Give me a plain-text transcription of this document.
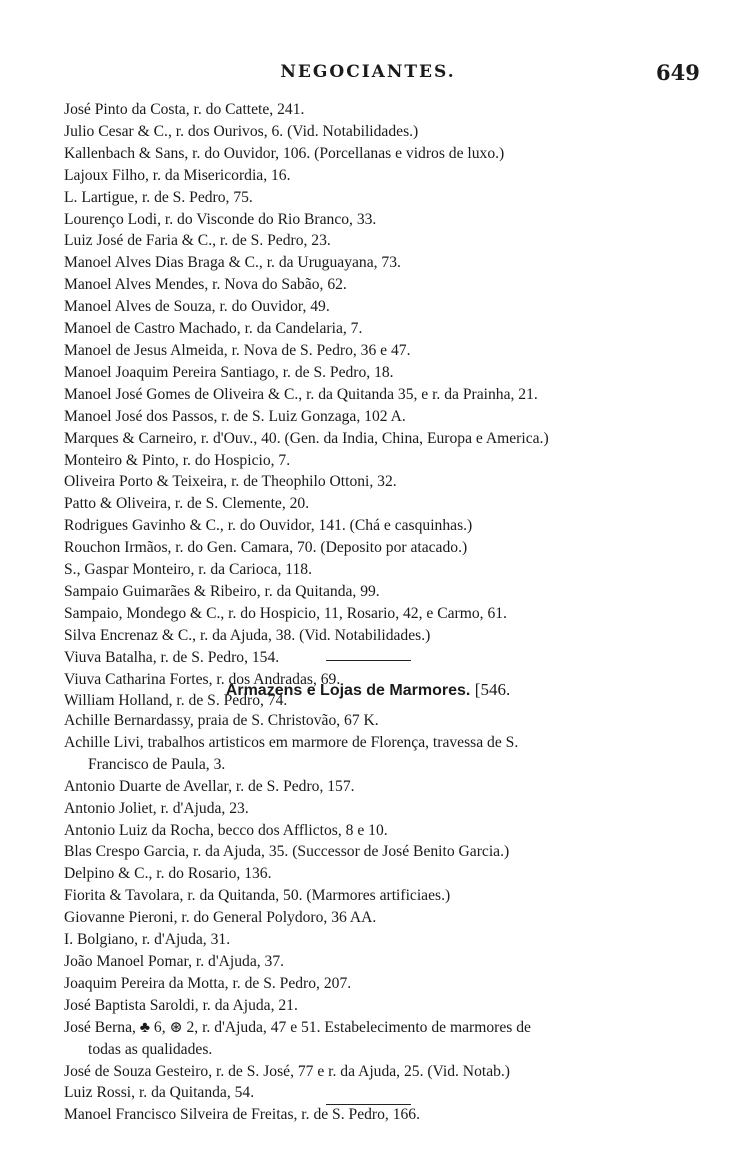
NEGOCIANTES.	649
José Pinto da Costa, r. do Cattete, 241.
Julio Cesar & C., r. dos Ourivos, 6. (Vid. Notabilidades.)
Kallenbach & Sans, r. do Ouvidor, 106. (Porcellanas e vidros de luxo.)
Lajoux Filho, r. da Misericordia, 16.
L. Lartigue, r. de S. Pedro, 75.
Lourenço Lodi, r. do Visconde do Rio Branco, 33.
Luiz José de Faria & C., r. de S. Pedro, 23.
Manoel Alves Dias Braga & C., r. da Uruguayana, 73.
Manoel Alves Mendes, r. Nova do Sabão, 62.
Manoel Alves de Souza, r. do Ouvidor, 49.
Manoel de Castro Machado, r. da Candelaria, 7.
Manoel de Jesus Almeida, r. Nova de S. Pedro, 36 e 47.
Manoel Joaquim Pereira Santiago, r. de S. Pedro, 18.
Manoel José Gomes de Oliveira & C., r. da Quitanda 35, e r. da Prainha, 21.
Manoel José dos Passos, r. de S. Luiz Gonzaga, 102 A.
Marques & Carneiro, r. d'Ouv., 40. (Gen. da India, China, Europa e America.)
Monteiro & Pinto, r. do Hospicio, 7.
Oliveira Porto & Teixeira, r. de Theophilo Ottoni, 32.
Patto & Oliveira, r. de S. Clemente, 20.
Rodrigues Gavinho & C., r. do Ouvidor, 141. (Chá e casquinhas.)
Rouchon Irmãos, r. do Gen. Camara, 70. (Deposito por atacado.)
S., Gaspar Monteiro, r. da Carioca, 118.
Sampaio Guimarães & Ribeiro, r. da Quitanda, 99.
Sampaio, Mondego & C., r. do Hospicio, 11, Rosario, 42, e Carmo, 61.
Silva Encrenaz & C., r. da Ajuda, 38. (Vid. Notabilidades.)
Viuva Batalha, r. de S. Pedro, 154.
Viuva Catharina Fortes, r. dos Andradas, 69.
William Holland, r. de S. Pedro, 74.
Armazens e Lojas de Marmores. [546.
Achille Bernardassy, praia de S. Christovão, 67 K.
Achille Livi, trabalhos artisticos em marmore de Florença, travessa de S.
Francisco de Paula, 3.
Antonio Duarte de Avellar, r. de S. Pedro, 157.
Antonio Joliet, r. d'Ajuda, 23.
Antonio Luiz da Rocha, becco dos Afflictos, 8 e 10.
Blas Crespo Garcia, r. da Ajuda, 35. (Successor de José Benito Garcia.)
Delpino & C., r. do Rosario, 136.
Fiorita & Tavolara, r. da Quitanda, 50. (Marmores artificiaes.)
Giovanne Pieroni, r. do General Polydoro, 36 AA.
I. Bolgiano, r. d'Ajuda, 31.
João Manoel Pomar, r. d'Ajuda, 37.
Joaquim Pereira da Motta, r. de S. Pedro, 207.
José Baptista Saroldi, r. da Ajuda, 21.
José Berna, ♣ 6, ⊛ 2, r. d'Ajuda, 47 e 51. Estabelecimento de marmores de
todas as qualidades.
José de Souza Gesteiro, r. de S. José, 77 e r. da Ajuda, 25. (Vid. Notab.)
Luiz Rossi, r. da Quitanda, 54.
Manoel Francisco Silveira de Freitas, r. de S. Pedro, 166.
